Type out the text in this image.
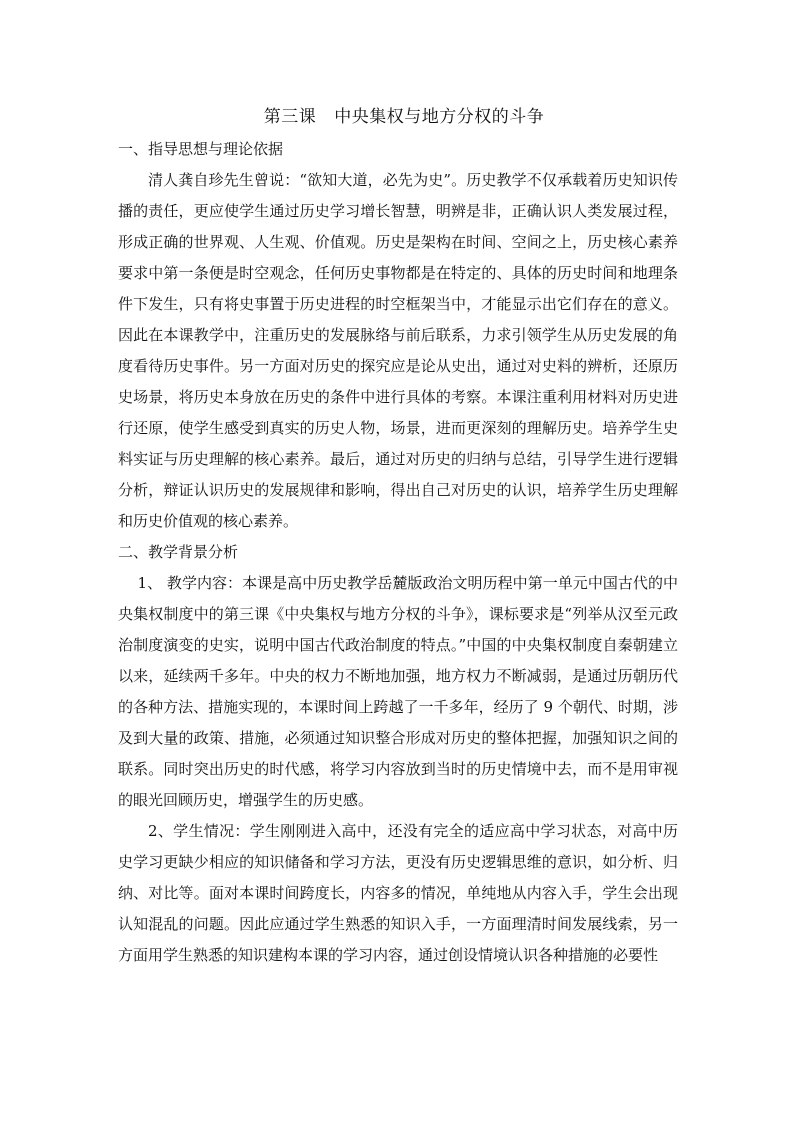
第三课 中央集权与地方分权的斗争
一、指导思想与理论依据

清人龚自珍先生曾说：“欲知大道，必先为史”。历史教学不仅承载着历史知识传播的责任，更应使学生通过历史学习增长智慧，明辨是非，正确认识人类发展过程，形成正确的世界观、人生观、价值观。历史是架构在时间、空间之上，历史核心素养要求中第一条便是时空观念，任何历史事物都是在特定的、具体的历史时间和地理条件下发生，只有将史事置于历史进程的时空框架当中，才能显示出它们存在的意义。因此在本课教学中，注重历史的发展脉络与前后联系，力求引领学生从历史发展的角度看待历史事件。另一方面对历史的探究应是论从史出，通过对史料的辨析，还原历史场景，将历史本身放在历史的条件中进行具体的考察。本课注重利用材料对历史进行还原，使学生感受到真实的历史人物，场景，进而更深刻的理解历史。培养学生史料实证与历史理解的核心素养。最后，通过对历史的归纳与总结，引导学生进行逻辑分析，辩证认识历史的发展规律和影响，得出自己对历史的认识，培养学生历史理解和历史价值观的核心素养。

二、教学背景分析

1、 教学内容：本课是高中历史教学岳麓版政治文明历程中第一单元中国古代的中央集权制度中的第三课《中央集权与地方分权的斗争》，课标要求是“列举从汉至元政治制度演变的史实，说明中国古代政治制度的特点。”中国的中央集权制度自秦朝建立以来，延续两千多年。中央的权力不断地加强，地方权力不断减弱，是通过历朝历代的各种方法、措施实现的，本课时间上跨越了一千多年，经历了 9 个朝代、时期，涉及到大量的政策、措施，必须通过知识整合形成对历史的整体把握，加强知识之间的联系。同时突出历史的时代感，将学习内容放到当时的历史情境中去，而不是用审视的眼光回顾历史，增强学生的历史感。

2、学生情况：学生刚刚进入高中，还没有完全的适应高中学习状态，对高中历史学习更缺少相应的知识储备和学习方法，更没有历史逻辑思维的意识，如分析、归纳、对比等。面对本课时间跨度长，内容多的情况，单纯地从内容入手，学生会出现认知混乱的问题。因此应通过学生熟悉的知识入手，一方面理清时间发展线索，另一方面用学生熟悉的知识建构本课的学习内容，通过创设情境认识各种措施的必要性
